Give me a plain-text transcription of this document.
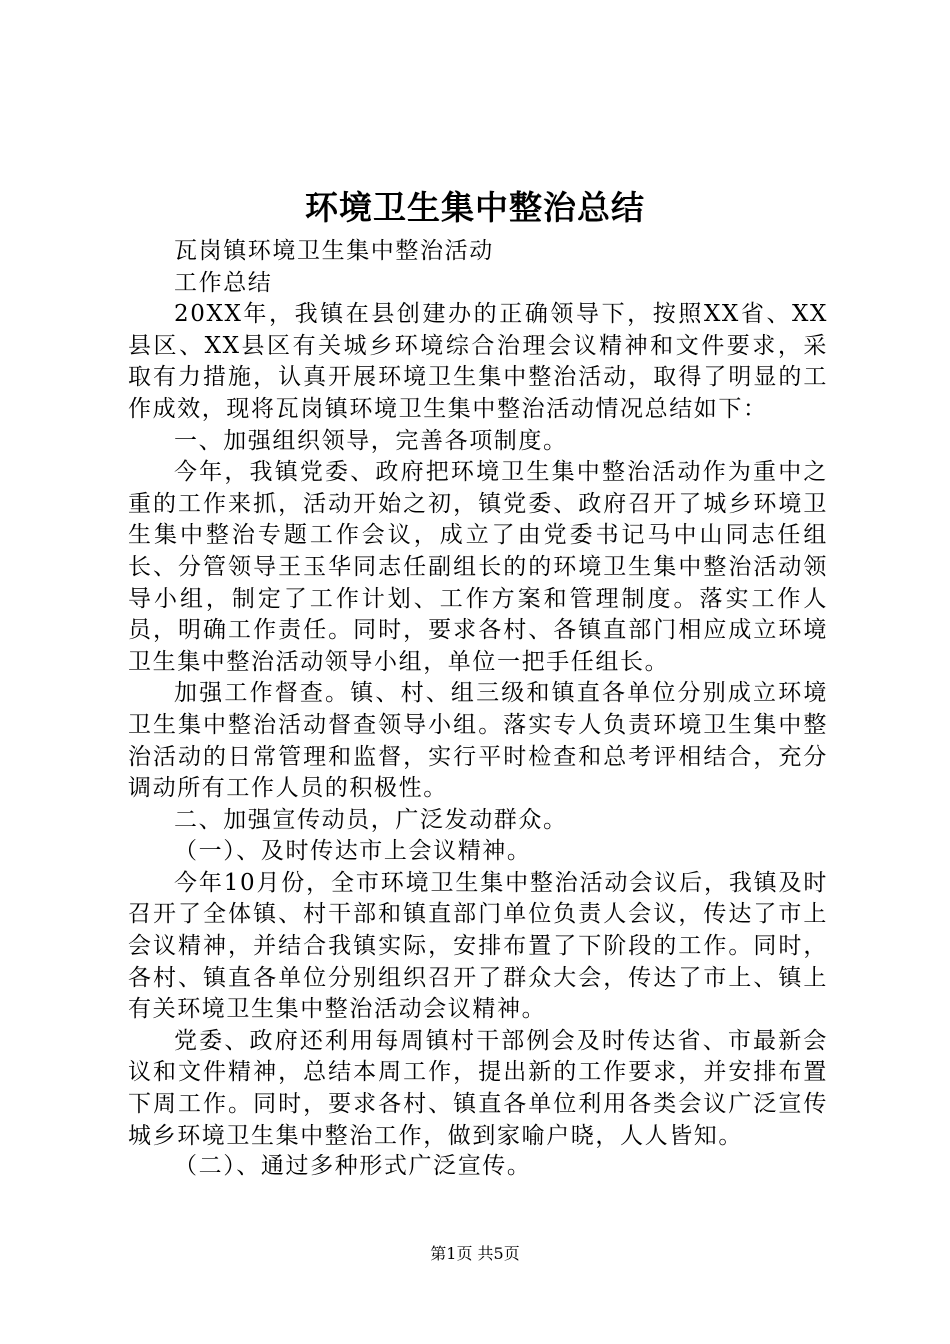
环境卫生集中整治总结

瓦岗镇环境卫生集中整治活动

工作总结

20XX年，我镇在县创建办的正确领导下，按照XX省、XX县区、XX县区有关城乡环境综合治理会议精神和文件要求，采取有力措施，认真开展环境卫生集中整治活动，取得了明显的工作成效，现将瓦岗镇环境卫生集中整治活动情况总结如下：

一、加强组织领导，完善各项制度。

今年，我镇党委、政府把环境卫生集中整治活动作为重中之重的工作来抓，活动开始之初，镇党委、政府召开了城乡环境卫生集中整治专题工作会议，成立了由党委书记马中山同志任组长、分管领导王玉华同志任副组长的的环境卫生集中整治活动领导小组，制定了工作计划、工作方案和管理制度。落实工作人员，明确工作责任。同时，要求各村、各镇直部门相应成立环境卫生集中整治活动领导小组，单位一把手任组长。

加强工作督查。镇、村、组三级和镇直各单位分别成立环境卫生集中整治活动督查领导小组。落实专人负责环境卫生集中整治活动的日常管理和监督，实行平时检查和总考评相结合，充分调动所有工作人员的积极性。

二、加强宣传动员，广泛发动群众。

（一）、及时传达市上会议精神。

今年10月份，全市环境卫生集中整治活动会议后，我镇及时召开了全体镇、村干部和镇直部门单位负责人会议，传达了市上会议精神，并结合我镇实际，安排布置了下阶段的工作。同时，各村、镇直各单位分别组织召开了群众大会，传达了市上、镇上有关环境卫生集中整治活动会议精神。

党委、政府还利用每周镇村干部例会及时传达省、市最新会议和文件精神，总结本周工作，提出新的工作要求，并安排布置下周工作。同时，要求各村、镇直各单位利用各类会议广泛宣传城乡环境卫生集中整治工作，做到家喻户晓，人人皆知。

（二）、通过多种形式广泛宣传。
第1页 共5页
